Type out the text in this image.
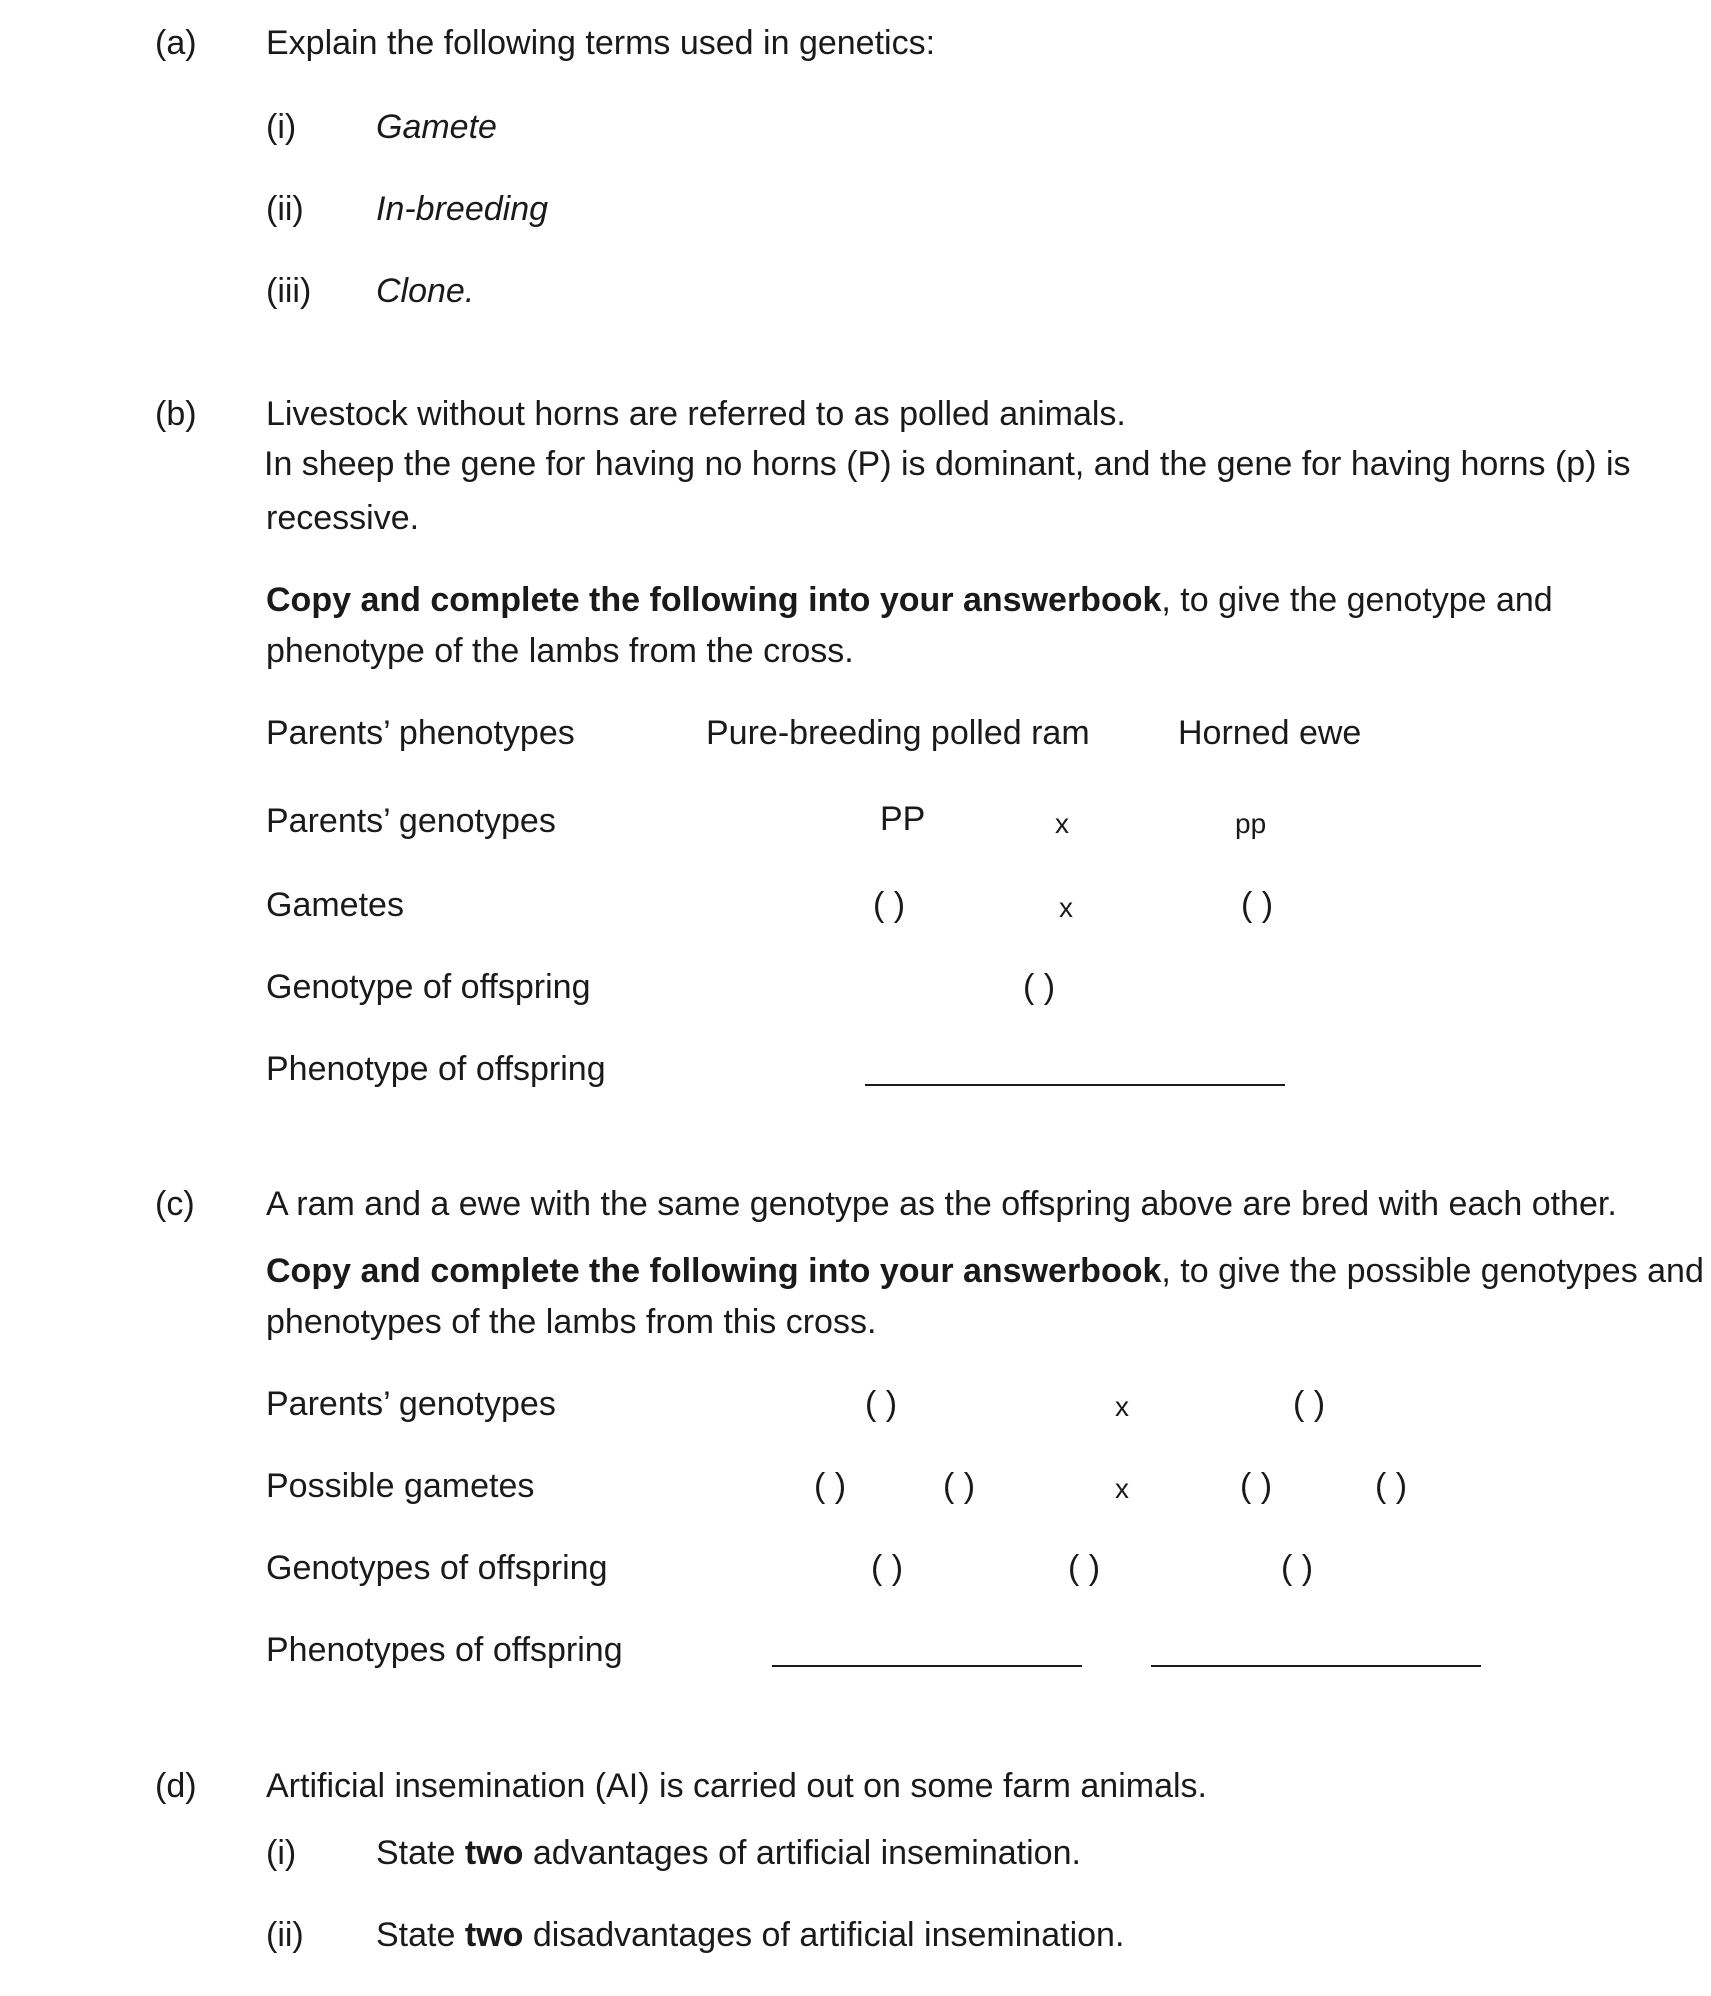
(a) Explain the following terms used in genetics:
(i) Gamete
(ii) In-breeding
(iii) Clone.
(b) Livestock without horns are referred to as polled animals.
In sheep the gene for having no horns (P) is dominant, and the gene for having horns (p) is
recessive.
Copy and complete the following into your answerbook, to give the genotype and
phenotype of the lambs from the cross.
Parents’ phenotypes	Pure-breeding polled ram	Horned ewe
Parents’ genotypes	PP	x	pp
Gametes	( )	x	( )
Genotype of offspring	( )
Phenotype of offspring
(c) A ram and a ewe with the same genotype as the offspring above are bred with each other.
Copy and complete the following into your answerbook, to give the possible genotypes and
phenotypes of the lambs from this cross.
Parents’ genotypes	( )	x	( )
Possible gametes	( )	( )	x	( )	( )
Genotypes of offspring	( )	( )	( )
Phenotypes of offspring
(d) Artificial insemination (AI) is carried out on some farm animals.
(i) State two advantages of artificial insemination.
(ii) State two disadvantages of artificial insemination.
